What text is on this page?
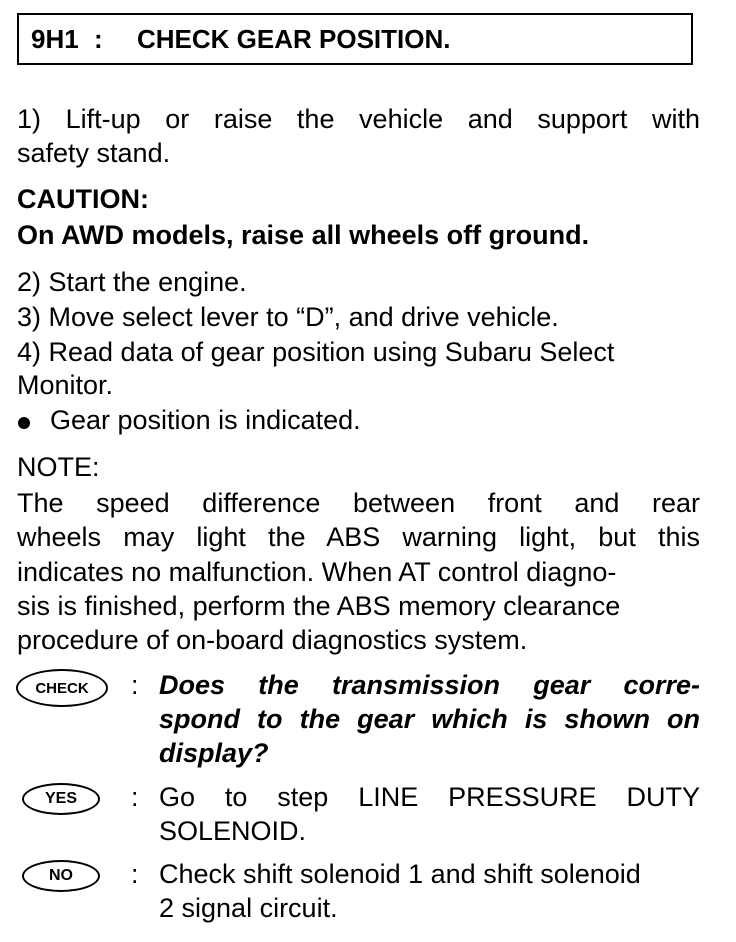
9H1 : CHECK GEAR POSITION.
1) Lift-up or raise the vehicle and support with
safety stand.
CAUTION:
On AWD models, raise all wheels off ground.
2) Start the engine.
3) Move select lever to “D”, and drive vehicle.
4) Read data of gear position using Subaru Select
Monitor.
Gear position is indicated.
NOTE:
The speed difference between front and rear
wheels may light the ABS warning light, but this
indicates no malfunction. When AT control diagno-
sis is finished, perform the ABS memory clearance
procedure of on-board diagnostics system.
CHECK	: Does the transmission gear corre-
spond to the gear which is shown on
display?
YES	: Go to step LINE PRESSURE DUTY
SOLENOID.
NO	: Check shift solenoid 1 and shift solenoid
2 signal circuit.
